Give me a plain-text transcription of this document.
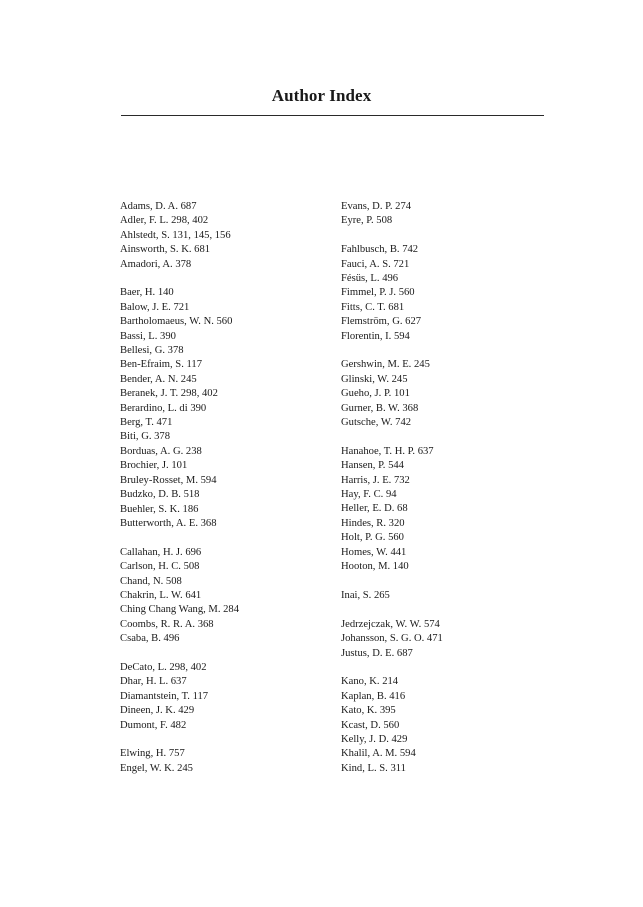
Author Index
Adams, D. A. 687
Adler, F. L. 298, 402
Ahlstedt, S. 131, 145, 156
Ainsworth, S. K. 681
Amadori, A. 378
Baer, H. 140
Balow, J. E. 721
Bartholomaeus, W. N. 560
Bassi, L. 390
Bellesi, G. 378
Ben-Efraim, S. 117
Bender, A. N. 245
Beranek, J. T. 298, 402
Berardino, L. di 390
Berg, T. 471
Biti, G. 378
Borduas, A. G. 238
Brochier, J. 101
Bruley-Rosset, M. 594
Budzko, D. B. 518
Buehler, S. K. 186
Butterworth, A. E. 368
Callahan, H. J. 696
Carlson, H. C. 508
Chand, N. 508
Chakrin, L. W. 641
Ching Chang Wang, M. 284
Coombs, R. R. A. 368
Csaba, B. 496
DeCato, L. 298, 402
Dhar, H. L. 637
Diamantstein, T. 117
Dineen, J. K. 429
Dumont, F. 482
Elwing, H. 757
Engel, W. K. 245
Evans, D. P. 274
Eyre, P. 508
Fahlbusch, B. 742
Fauci, A. S. 721
Fésüs, L. 496
Fimmel, P. J. 560
Fitts, C. T. 681
Flemström, G. 627
Florentin, I. 594
Gershwin, M. E. 245
Glinski, W. 245
Gueho, J. P. 101
Gurner, B. W. 368
Gutsche, W. 742
Hanahoe, T. H. P. 637
Hansen, P. 544
Harris, J. E. 732
Hay, F. C. 94
Heller, E. D. 68
Hindes, R. 320
Holt, P. G. 560
Homes, W. 441
Hooton, M. 140
Inai, S. 265
Jedrzejczak, W. W. 574
Johansson, S. G. O. 471
Justus, D. E. 687
Kano, K. 214
Kaplan, B. 416
Kato, K. 395
Kcast, D. 560
Kelly, J. D. 429
Khalil, A. M. 594
Kind, L. S. 311
